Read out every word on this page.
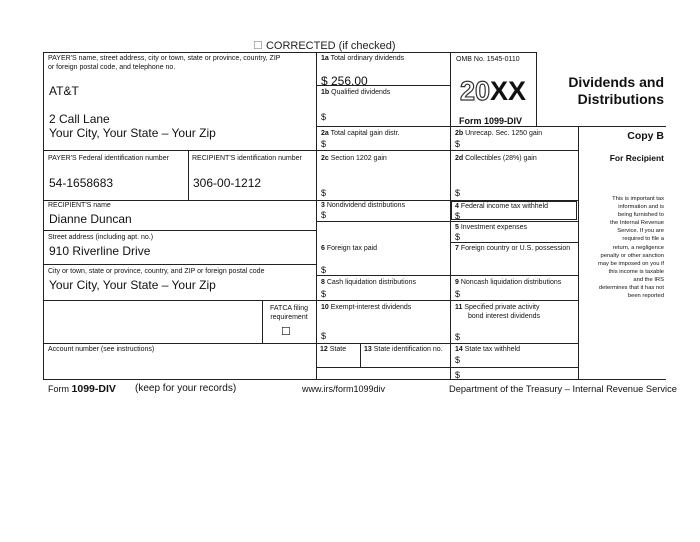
☐ CORRECTED (if checked)
PAYER'S name, street address, city or town, state or province, country, ZIP
or foreign postal code, and telephone no.
AT&T
2 Call Lane
Your City, Your State – Your Zip
PAYER'S Federal identification number
54-1658683
RECIPIENT'S identification number
306-00-1212
RECIPIENT'S name
Dianne Duncan
Street address (including apt. no.)
910 Riverline Drive
City or town, state or province, country, and ZIP or foreign postal code
Your City, Your State – Your Zip
FATCA filing
requirement
☐
Account number (see instructions)
1a Total ordinary dividends
$ 256.00
1b Qualified dividends
$
2a Total capital gain distr.
$
2c Section 1202 gain
$
3 Nondividend distributions
$
6 Foreign tax paid
$
8 Cash liquidation distributions
$
10 Exempt-interest dividends
$
12 State	13 State identification no.
OMB No. 1545-0110
20XX
Form 1099-DIV
2b Unrecap. Sec. 1250 gain
$
2d Collectibles (28%) gain
$
4 Federal income tax withheld
$
5 Investment expenses
$
7 Foreign country or U.S. possession
9 Noncash liquidation distributions
$
11 Specified private activity
bond interest dividends
$
14 State tax withheld
$
$
Dividends and
Distributions
Copy B
For Recipient
This is important tax
information and is
being furnished to
the Internal Revenue
Service. If you are
required to file a
return, a negligence
penalty or other sanction
may be imposed on you if
this income is taxable
and the IRS
determines that it has not
been reported
Form 1099-DIV (keep for your records)	www.irs/form1099div	Department of the Treasury – Internal Revenue Service
